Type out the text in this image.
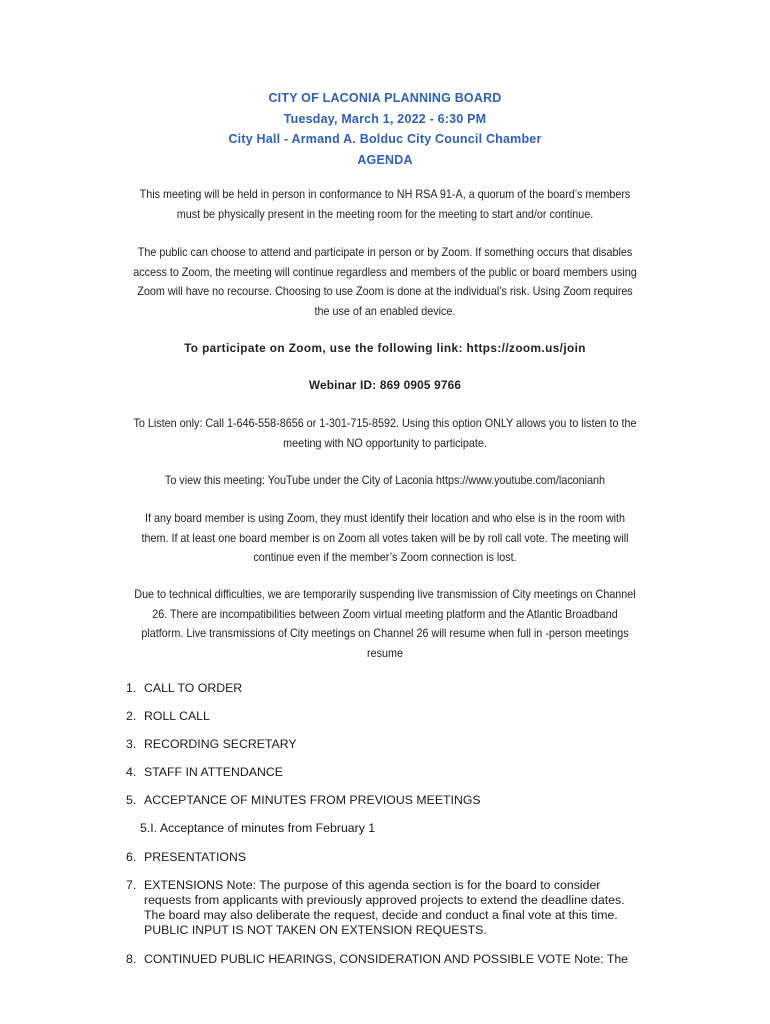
CITY OF LACONIA PLANNING BOARD
Tuesday, March 1, 2022 - 6:30 PM
City Hall - Armand A. Bolduc City Council Chamber
AGENDA
This meeting will be held in person in conformance to NH RSA 91-A, a quorum of the board’s members
must be physically present in the meeting room for the meeting to start and/or continue.
The public can choose to attend and participate in person or by Zoom. If something occurs that disables
access to Zoom, the meeting will continue regardless and members of the public or board members using
Zoom will have no recourse. Choosing to use Zoom is done at the individual’s risk. Using Zoom requires
the use of an enabled device.
To participate on Zoom, use the following link: https://zoom.us/join
Webinar ID: 869 0905 9766
To Listen only: Call 1-646-558-8656 or 1-301-715-8592. Using this option ONLY allows you to listen to the
meeting with NO opportunity to participate.
To view this meeting: YouTube under the City of Laconia https://www.youtube.com/laconianh
If any board member is using Zoom, they must identify their location and who else is in the room with
them. If at least one board member is on Zoom all votes taken will be by roll call vote. The meeting will
continue even if the member’s Zoom connection is lost.
Due to technical difficulties, we are temporarily suspending live transmission of City meetings on Channel
26. There are incompatibilities between Zoom virtual meeting platform and the Atlantic Broadband
platform. Live transmissions of City meetings on Channel 26 will resume when full in -person meetings
resume
1. CALL TO ORDER
2. ROLL CALL
3. RECORDING SECRETARY
4. STAFF IN ATTENDANCE
5. ACCEPTANCE OF MINUTES FROM PREVIOUS MEETINGS
5.I. Acceptance of minutes from February 1
6. PRESENTATIONS
7. EXTENSIONS Note: The purpose of this agenda section is for the board to consider
requests from applicants with previously approved projects to extend the deadline dates.
The board may also deliberate the request, decide and conduct a final vote at this time.
PUBLIC INPUT IS NOT TAKEN ON EXTENSION REQUESTS.
8. CONTINUED PUBLIC HEARINGS, CONSIDERATION AND POSSIBLE VOTE Note: The
